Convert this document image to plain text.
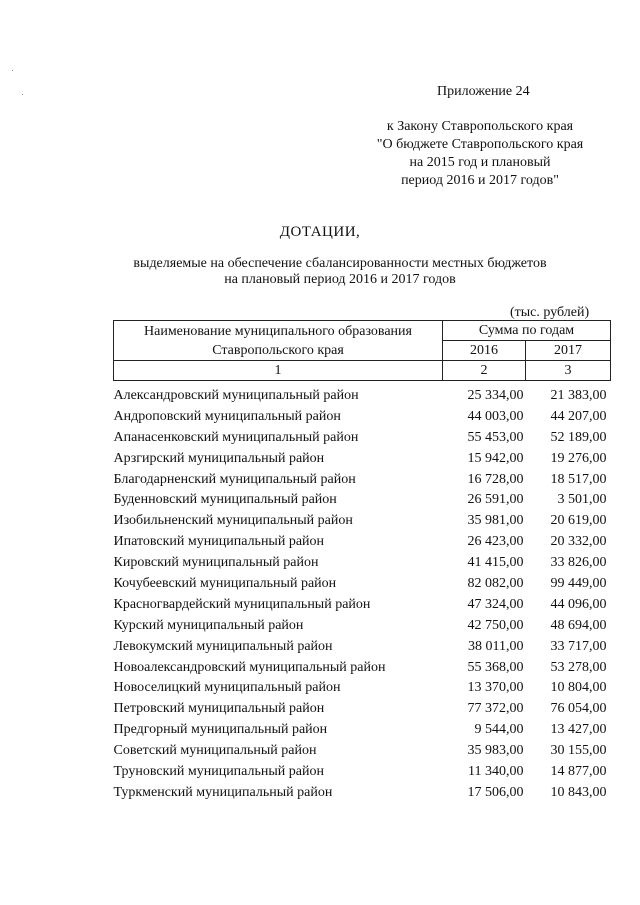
Приложение 24
к Закону Ставропольского края
"О бюджете Ставропольского края
на 2015 год и плановый
период 2016 и 2017 годов"
ДОТАЦИИ,
выделяемые на обеспечение сбалансированности местных бюджетов
на плановый период 2016 и 2017 годов
(тыс. рублей)
Наименование муниципального образования Ставропольского края	Сумма по годам	
	2016	2017
1	2	3

Александровский муниципальный район	25 334,00	21 383,00
Андроповский муниципальный район	44 003,00	44 207,00
Апанасенковский муниципальный район	55 453,00	52 189,00
Арзгирский муниципальный район	15 942,00	19 276,00
Благодарненский муниципальный район	16 728,00	18 517,00
Буденновский муниципальный район	26 591,00	3 501,00
Изобильненский муниципальный район	35 981,00	20 619,00
Ипатовский муниципальный район	26 423,00	20 332,00
Кировский муниципальный район	41 415,00	33 826,00
Кочубеевский муниципальный район	82 082,00	99 449,00
Красногвардейский муниципальный район	47 324,00	44 096,00
Курский муниципальный район	42 750,00	48 694,00
Левокумский муниципальный район	38 011,00	33 717,00
Новоалександровский муниципальный район	55 368,00	53 278,00
Новоселицкий муниципальный район	13 370,00	10 804,00
Петровский муниципальный район	77 372,00	76 054,00
Предгорный муниципальный район	9 544,00	13 427,00
Советский муниципальный район	35 983,00	30 155,00
Труновский муниципальный район	11 340,00	14 877,00
Туркменский муниципальный район	17 506,00	10 843,00
